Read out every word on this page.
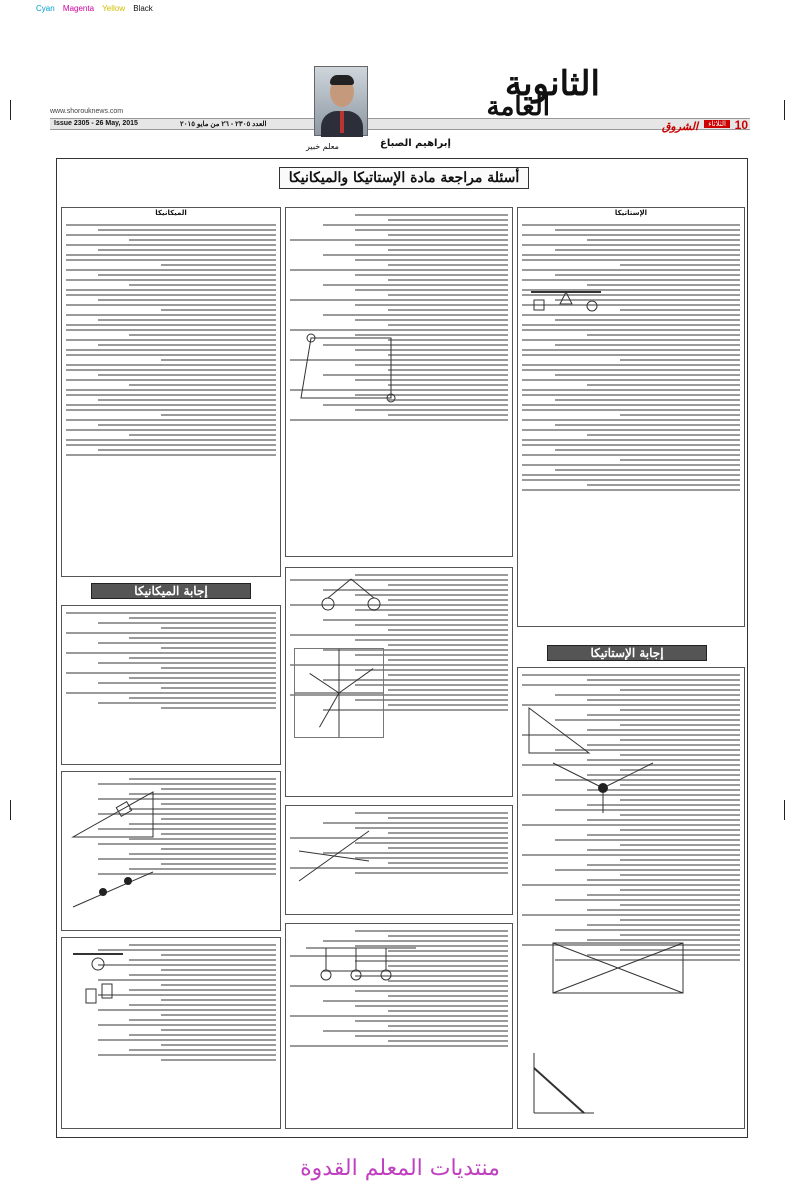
Cyan Magenta Yellow Black
www.shorouknews.com
Issue 2305 - 26 May, 2015	العدد ٢٣٠٥ - ٢٦ من مايو ٢٠١٥	الثلاثاء 10
الشروق
الثانوية
العامة
إبراهيم الصباغ
معلم خبير
أسئلة مراجعة مادة الإستاتيكا والميكانيكا
الإستاتيكا
إجابة الإستاتيكا
الميكانيكا
إجابة الميكانيكا
منتديات المعلم القدوة
